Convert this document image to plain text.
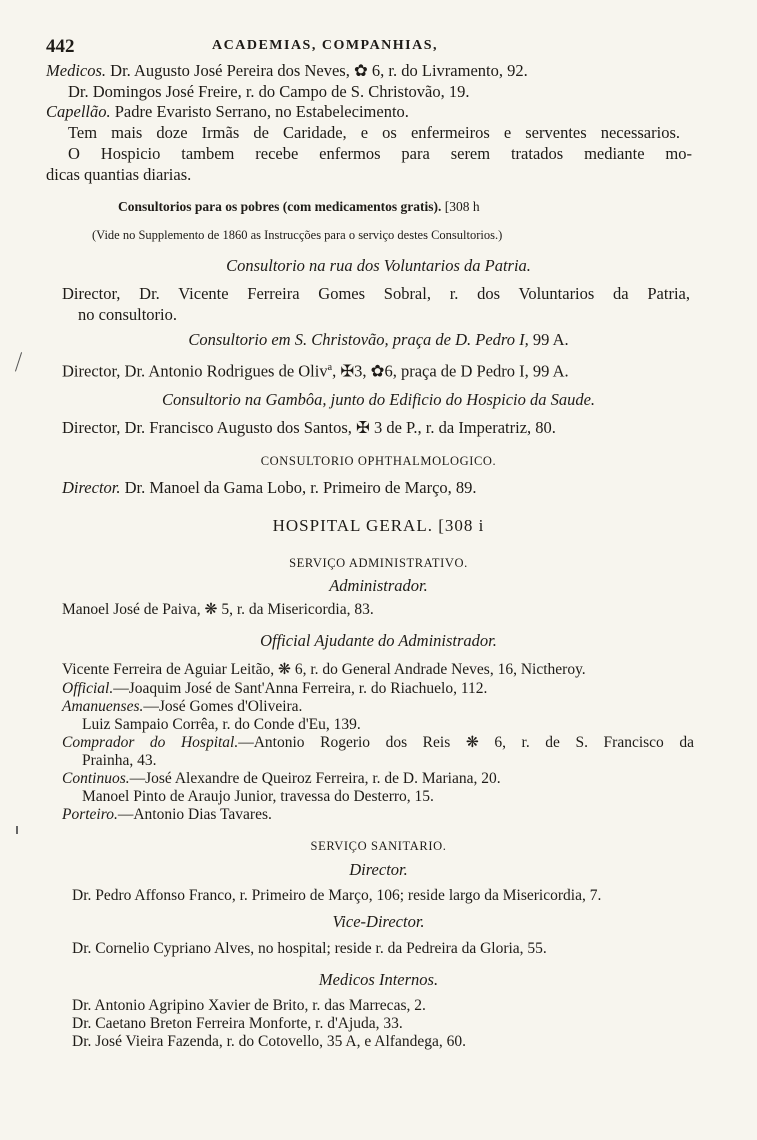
442	ACADEMIAS, COMPANHIAS,
Medicos. Dr. Augusto José Pereira dos Neves, ✿ 6, r. do Livramento, 92.
Dr. Domingos José Freire, r. do Campo de S. Christovão, 19.
Capellão. Padre Evaristo Serrano, no Estabelecimento.
Tem mais doze Irmãs de Caridade, e os enfermeiros e serventes necessarios.
O Hospicio tambem recebe enfermos para serem tratados mediante mo-
dicas quantias diarias.
Consultorios para os pobres (com medicamentos gratis). [308 h
(Vide no Supplemento de 1860 as Instrucções para o serviço destes Consultorios.)
Consultorio na rua dos Voluntarios da Patria.
Director, Dr. Vicente Ferreira Gomes Sobral, r. dos Voluntarios da Patria,
no consultorio.
Consultorio em S. Christovão, praça de D. Pedro I, 99 A.
Director, Dr. Antonio Rodrigues de Oliv$^a$, ✠3, ✿6, praça de D Pedro I, 99 A.
Consultorio na Gambôa, junto do Edificio do Hospicio da Saude.
Director, Dr. Francisco Augusto dos Santos, ✠ 3 de P., r. da Imperatriz, 80.
CONSULTORIO OPHTHALMOLOGICO.
Director. Dr. Manoel da Gama Lobo, r. Primeiro de Março, 89.
HOSPITAL GERAL. [308 i
SERVIÇO ADMINISTRATIVO.
Administrador.
Manoel José de Paiva, ❋ 5, r. da Misericordia, 83.
Official Ajudante do Administrador.
Vicente Ferreira de Aguiar Leitão, ❋ 6, r. do General Andrade Neves, 16, Nictheroy.
Official.—Joaquim José de Sant'Anna Ferreira, r. do Riachuelo, 112.
Amanuenses.—José Gomes d'Oliveira.
Luiz Sampaio Corrêa, r. do Conde d'Eu, 139.
Comprador do Hospital.—Antonio Rogerio dos Reis ❋ 6, r. de S. Francisco da
Prainha, 43.
Continuos.—José Alexandre de Queiroz Ferreira, r. de D. Mariana, 20.
Manoel Pinto de Araujo Junior, travessa do Desterro, 15.
Porteiro.—Antonio Dias Tavares.
SERVIÇO SANITARIO.
Director.
Dr. Pedro Affonso Franco, r. Primeiro de Março, 106; reside largo da Misericordia, 7.
Vice-Director.
Dr. Cornelio Cypriano Alves, no hospital; reside r. da Pedreira da Gloria, 55.
Medicos Internos.
Dr. Antonio Agripino Xavier de Brito, r. das Marrecas, 2.
Dr. Caetano Breton Ferreira Monforte, r. d'Ajuda, 33.
Dr. José Vieira Fazenda, r. do Cotovello, 35 A, e Alfandega, 60.
